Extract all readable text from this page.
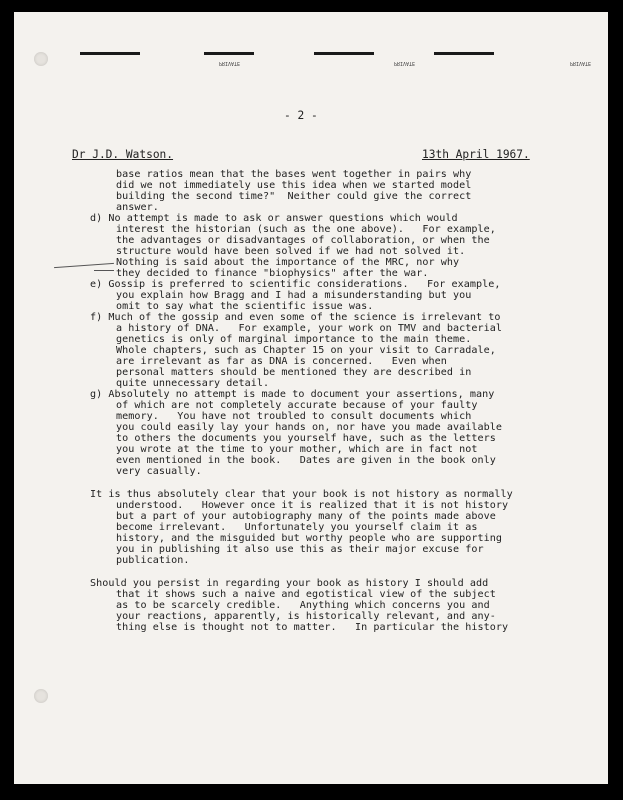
PRIVATE	PRIVATE	PRIVATE
- 2 -
Dr J.D. Watson.	13th April 1967.
base ratios mean that the bases went together in pairs why
did we not immediately use this idea when we started model
building the second time?"  Neither could give the correct
answer.
d) No attempt is made to ask or answer questions which would
interest the historian (such as the one above).   For example,
the advantages or disadvantages of collaboration, or when the
structure would have been solved if we had not solved it.
Nothing is said about the importance of the MRC, nor why
they decided to finance "biophysics" after the war.
e) Gossip is preferred to scientific considerations.   For example,
you explain how Bragg and I had a misunderstanding but you
omit to say what the scientific issue was.
f) Much of the gossip and even some of the science is irrelevant to
a history of DNA.   For example, your work on TMV and bacterial
genetics is only of marginal importance to the main theme.
Whole chapters, such as Chapter 15 on your visit to Carradale,
are irrelevant as far as DNA is concerned.   Even when
personal matters should be mentioned they are described in
quite unnecessary detail.
g) Absolutely no attempt is made to document your assertions, many
of which are not completely accurate because of your faulty
memory.   You have not troubled to consult documents which
you could easily lay your hands on, nor have you made available
to others the documents you yourself have, such as the letters
you wrote at the time to your mother, which are in fact not
even mentioned in the book.   Dates are given in the book only
very casually.
It is thus absolutely clear that your book is not history as normally
understood.   However once it is realized that it is not history
but a part of your autobiography many of the points made above
become irrelevant.   Unfortunately you yourself claim it as
history, and the misguided but worthy people who are supporting
you in publishing it also use this as their major excuse for
publication.
Should you persist in regarding your book as history I should add
that it shows such a naive and egotistical view of the subject
as to be scarcely credible.   Anything which concerns you and
your reactions, apparently, is historically relevant, and any-
thing else is thought not to matter.   In particular the history
